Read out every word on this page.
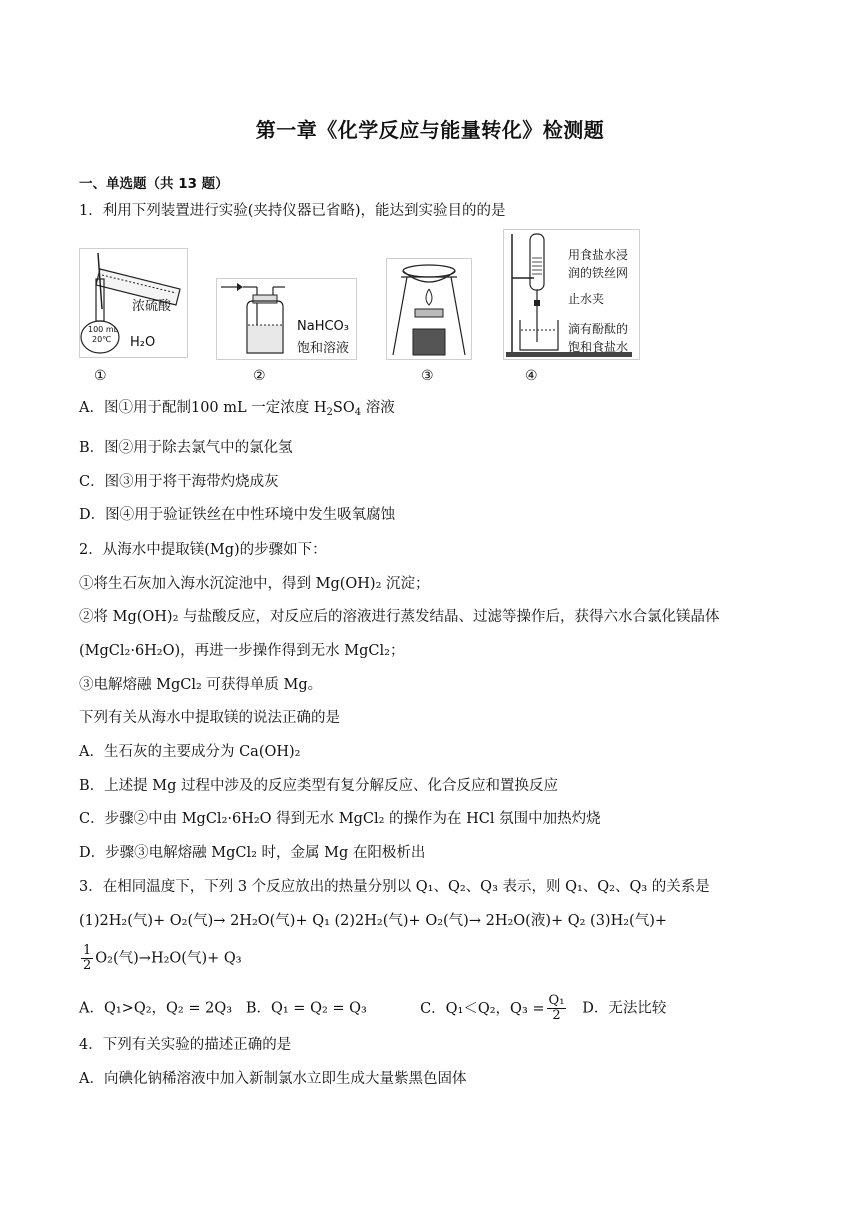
第一章《化学反应与能量转化》检测题
一、单选题（共 13 题）
1．利用下列装置进行实验(夹持仪器已省略)，能达到实验目的的是
浓硫酸
100 mL
20℃ H₂O
NaHCO₃
饱和溶液
用食盐水浸
润的铁丝网
止水夹
滴有酚酞的
饱和食盐水
①	②	③	④
A．图①用于配制100 mL 一定浓度 $H_2SO_4$ 溶液
B．图②用于除去氯气中的氯化氢
C．图③用于将干海带灼烧成灰
D．图④用于验证铁丝在中性环境中发生吸氧腐蚀
2．从海水中提取镁(Mg)的步骤如下：
①将生石灰加入海水沉淀池中，得到 Mg(OH)₂ 沉淀；
②将 Mg(OH)₂ 与盐酸反应，对反应后的溶液进行蒸发结晶、过滤等操作后，获得六水合氯化镁晶体
(MgCl₂·6H₂O)，再进一步操作得到无水 MgCl₂；
③电解熔融 MgCl₂ 可获得单质 Mg。
下列有关从海水中提取镁的说法正确的是
A．生石灰的主要成分为 Ca(OH)₂
B．上述提 Mg 过程中涉及的反应类型有复分解反应、化合反应和置换反应
C．步骤②中由 MgCl₂·6H₂O 得到无水 MgCl₂ 的操作为在 HCl 氛围中加热灼烧
D．步骤③电解熔融 MgCl₂ 时，金属 Mg 在阳极析出
3．在相同温度下，下列 3 个反应放出的热量分别以 Q₁、Q₂、Q₃ 表示，则 Q₁、Q₂、Q₃ 的关系是
(1)2H₂(气)+ O₂(气)→ 2H₂O(气)+ Q₁ (2)2H₂(气)+ O₂(气)→ 2H₂O(液)+ Q₂ (3)H₂(气)+
$\frac{1}{2} O_2$(气)→H₂O(气)+ Q₃
A．Q₁>Q₂，Q₂ = 2Q₃ B．Q₁ = Q₂ = Q₃	C．Q₁＜Q₂，$Q_3 = \frac{\text{Q₁}}{2}$ D．无法比较
4．下列有关实验的描述正确的是
A．向碘化钠稀溶液中加入新制氯水立即生成大量紫黑色固体
